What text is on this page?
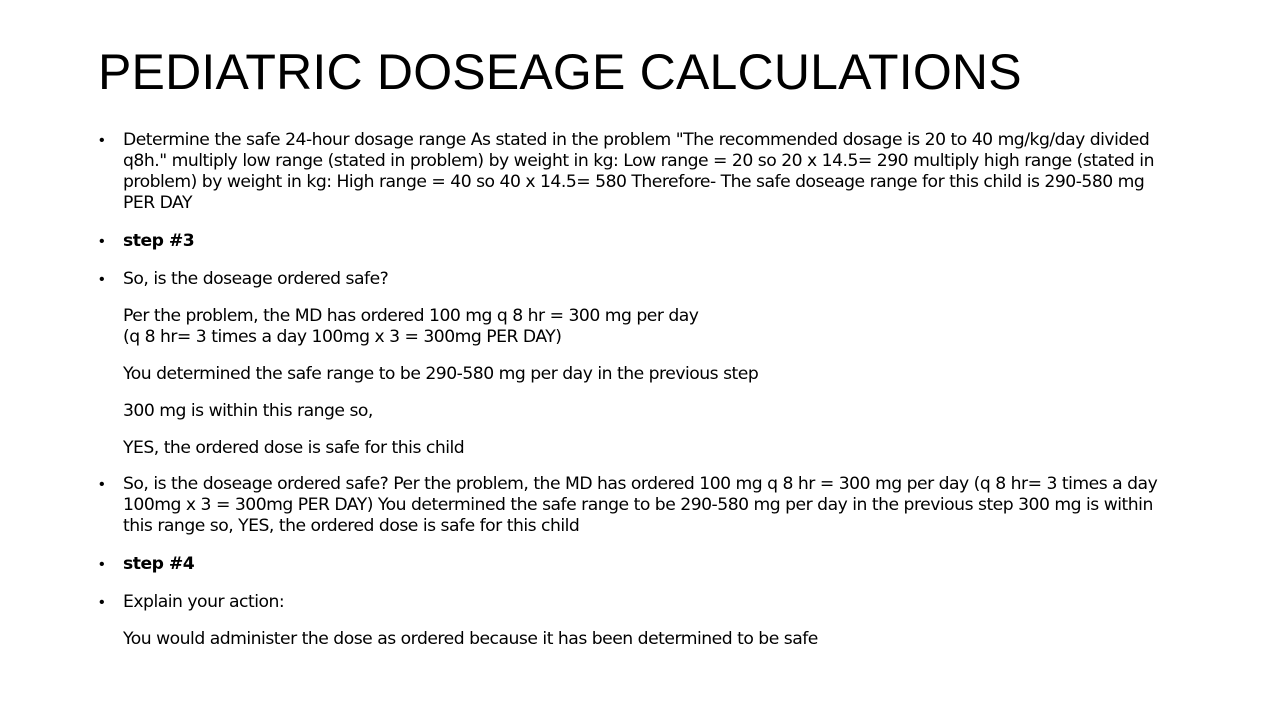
PEDIATRIC DOSEAGE CALCULATIONS
• Determine the safe 24-hour dosage range As stated in the problem "The recommended dosage is 20 to 40 mg/kg/day divided q8h." multiply low range (stated in problem) by weight in kg: Low range = 20 so 20 x 14.5= 290 multiply high range (stated in problem) by weight in kg: High range = 40 so 40 x 14.5= 580 Therefore- The safe doseage range for this child is 290-580 mg PER DAY
• step #3
• So, is the doseage ordered safe?
Per the problem, the MD has ordered 100 mg q 8 hr = 300 mg per day
(q 8 hr= 3 times a day 100mg x 3 = 300mg PER DAY)
You determined the safe range to be 290-580 mg per day in the previous step
300 mg is within this range so,
YES, the ordered dose is safe for this child
• So, is the doseage ordered safe? Per the problem, the MD has ordered 100 mg q 8 hr = 300 mg per day (q 8 hr= 3 times a day 100mg x 3 = 300mg PER DAY) You determined the safe range to be 290-580 mg per day in the previous step 300 mg is within this range so, YES, the ordered dose is safe for this child
• step #4
• Explain your action:
You would administer the dose as ordered because it has been determined to be safe
